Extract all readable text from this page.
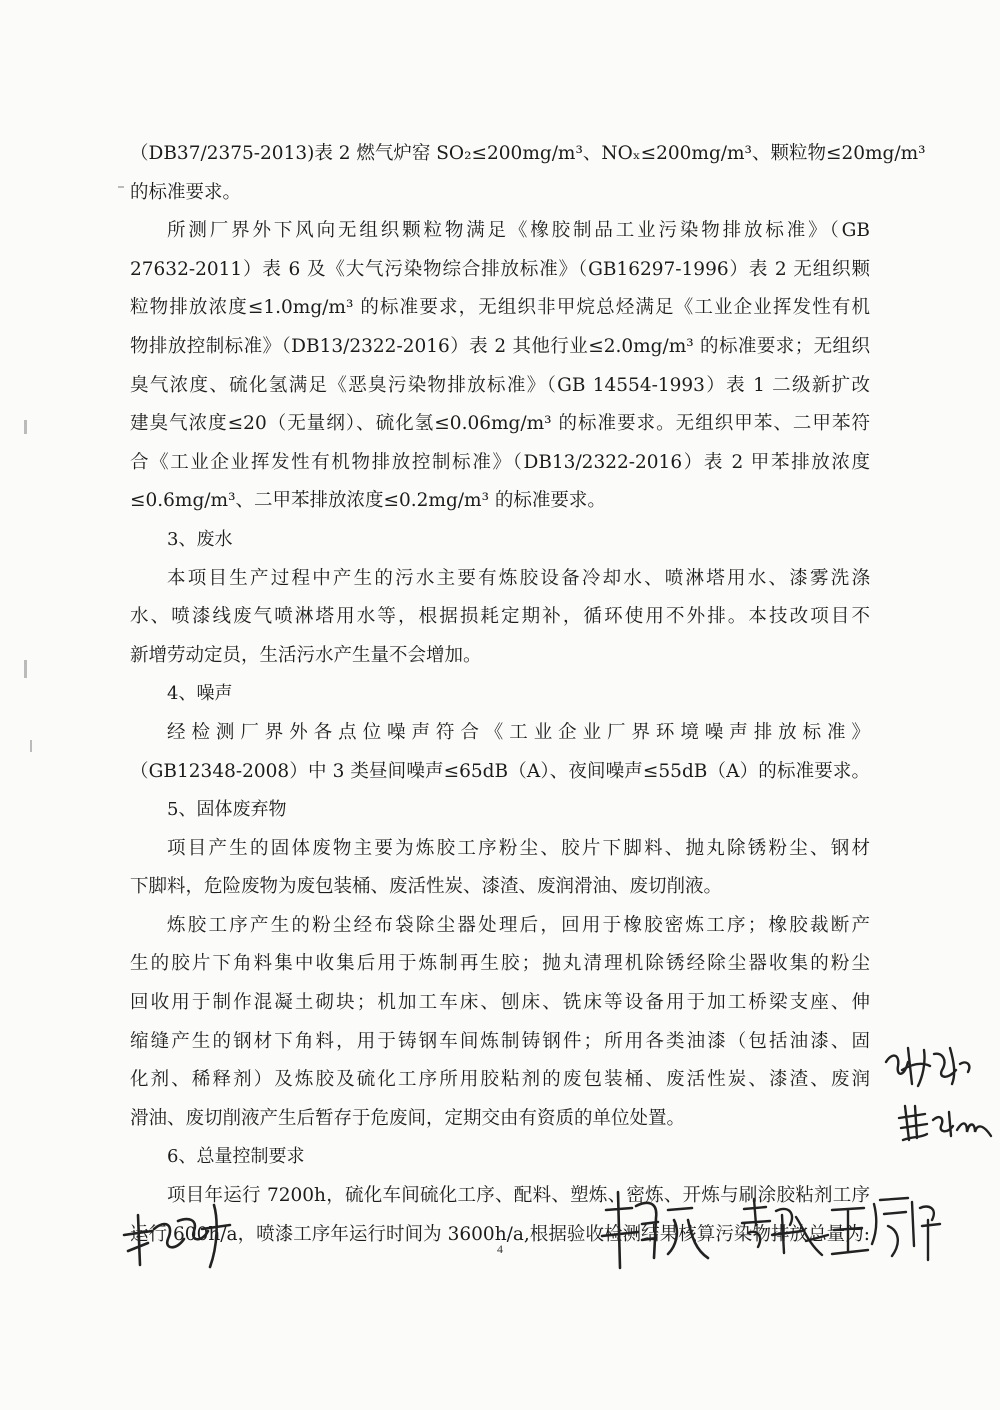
（DB37/2375-2013)表 2 燃气炉窑 SO₂≤200mg/m³、NOₓ≤200mg/m³、颗粒物≤20mg/m³
的标准要求。
所测厂界外下风向无组织颗粒物满足《橡胶制品工业污染物排放标准》（GB
27632-2011）表 6 及《大气污染物综合排放标准》（GB16297-1996）表 2 无组织颗
粒物排放浓度≤1.0mg/m³ 的标准要求，无组织非甲烷总烃满足《工业企业挥发性有机
物排放控制标准》（DB13/2322-2016）表 2 其他行业≤2.0mg/m³ 的标准要求；无组织
臭气浓度、硫化氢满足《恶臭污染物排放标准》（GB 14554-1993）表 1 二级新扩改
建臭气浓度≤20（无量纲）、硫化氢≤0.06mg/m³ 的标准要求。无组织甲苯、二甲苯符
合《工业企业挥发性有机物排放控制标准》（DB13/2322-2016）表 2 甲苯排放浓度
≤0.6mg/m³、二甲苯排放浓度≤0.2mg/m³ 的标准要求。
3、废水
本项目生产过程中产生的污水主要有炼胶设备冷却水、喷淋塔用水、漆雾洗涤
水、喷漆线废气喷淋塔用水等，根据损耗定期补，循环使用不外排。本技改项目不
新增劳动定员，生活污水产生量不会增加。
4、噪声
经检测厂界外各点位噪声符合《工业企业厂界环境噪声排放标准》
（GB12348-2008）中 3 类昼间噪声≤65dB（A）、夜间噪声≤55dB（A）的标准要求。
5、固体废弃物
项目产生的固体废物主要为炼胶工序粉尘、胶片下脚料、抛丸除锈粉尘、钢材
下脚料，危险废物为废包装桶、废活性炭、漆渣、废润滑油、废切削液。
炼胶工序产生的粉尘经布袋除尘器处理后，回用于橡胶密炼工序；橡胶裁断产
生的胶片下角料集中收集后用于炼制再生胶；抛丸清理机除锈经除尘器收集的粉尘
回收用于制作混凝土砌块；机加工车床、刨床、铣床等设备用于加工桥梁支座、伸
缩缝产生的钢材下角料，用于铸钢车间炼制铸钢件；所用各类油漆（包括油漆、固
化剂、稀释剂）及炼胶及硫化工序所用胶粘剂的废包装桶、废活性炭、漆渣、废润
滑油、废切削液产生后暂存于危废间，定期交由有资质的单位处置。
6、总量控制要求
项目年运行 7200h，硫化车间硫化工序、配料、塑炼、密炼、开炼与刷涂胶粘剂工序
运行 600h/a，喷漆工序年运行时间为 3600h/a,根据验收检测结果核算污染物排放总量为:
4
